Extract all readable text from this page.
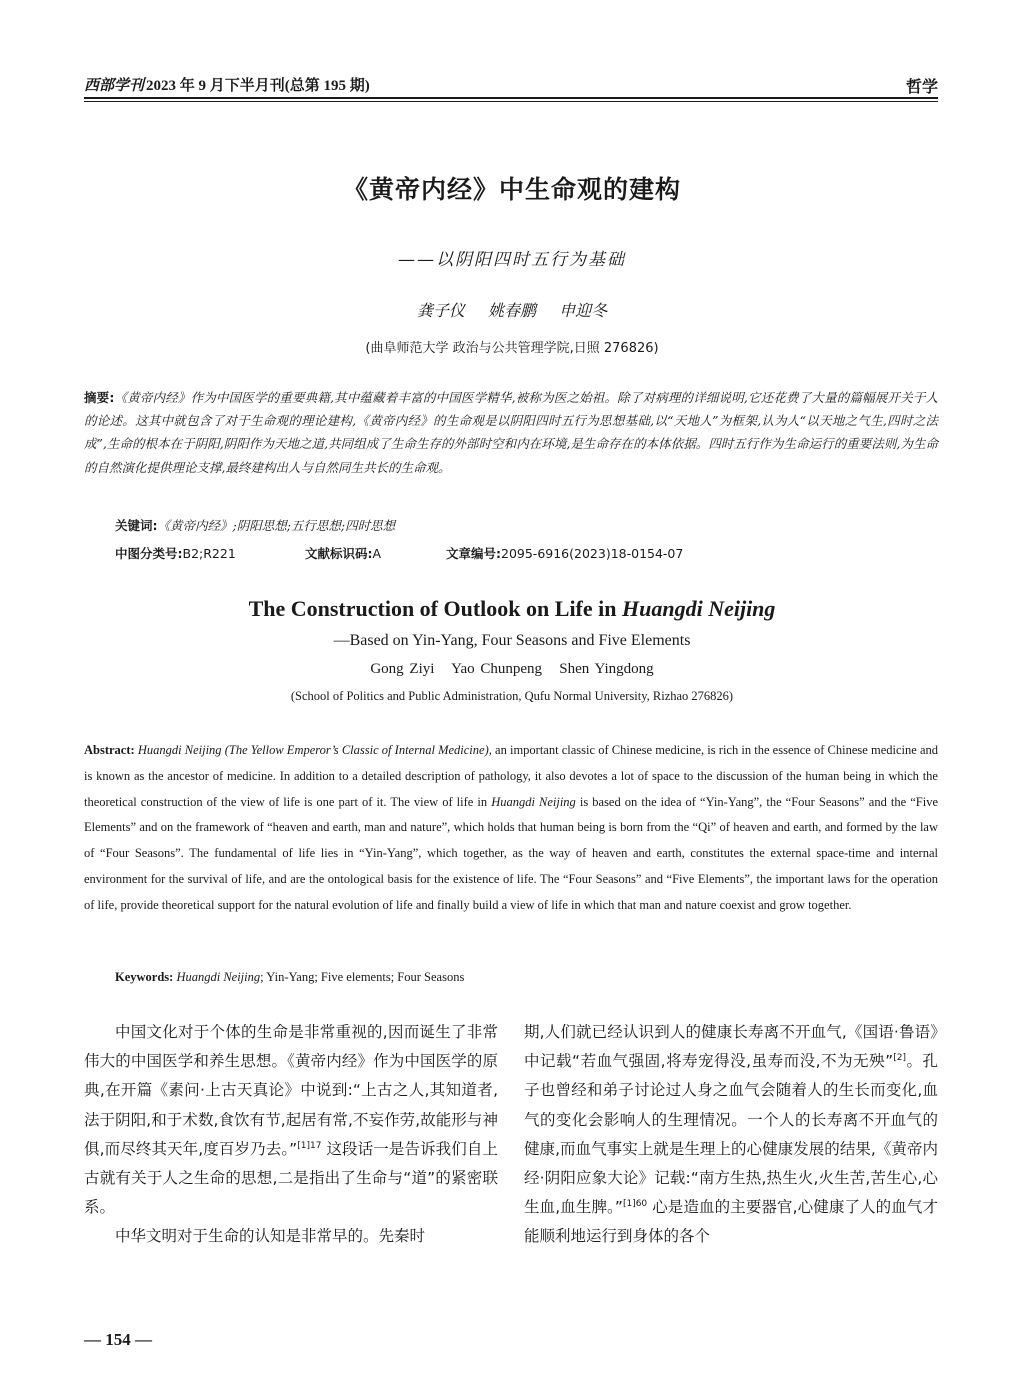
西部学刊 2023 年 9 月下半月刊(总第 195 期)	哲学
《黄帝内经》中生命观的建构
——以阴阳四时五行为基础
龚子仪 姚春鹏 申迎冬
(曲阜师范大学 政治与公共管理学院,日照 276826)
摘要:《黄帝内经》作为中国医学的重要典籍,其中蕴藏着丰富的中国医学精华,被称为医之始祖。除了对病理的详细说明,它还花费了大量的篇幅展开关于人的论述。这其中就包含了对于生命观的理论建构,《黄帝内经》的生命观是以阴阳四时五行为思想基础,以“天地人”为框架,认为人“以天地之气生,四时之法成”,生命的根本在于阴阳,阴阳作为天地之道,共同组成了生命生存的外部时空和内在环境,是生命存在的本体依据。四时五行作为生命运行的重要法则,为生命的自然演化提供理论支撑,最终建构出人与自然同生共长的生命观。
关键词:《黄帝内经》;阴阳思想;五行思想;四时思想
中图分类号:B2;R221	文献标识码:A	文章编号:2095-6916(2023)18-0154-07
The Construction of Outlook on Life in Huangdi Neijing
—Based on Yin-Yang, Four Seasons and Five Elements
Gong Ziyi   Yao Chunpeng   Shen Yingdong
(School of Politics and Public Administration, Qufu Normal University, Rizhao 276826)
Abstract: Huangdi Neijing (The Yellow Emperor’s Classic of Internal Medicine), an important classic of Chinese medicine, is rich in the essence of Chinese medicine and is known as the ancestor of medicine. In addition to a detailed description of pathology, it also devotes a lot of space to the discussion of the human being in which the theoretical construction of the view of life is one part of it. The view of life in Huangdi Neijing is based on the idea of “Yin-Yang”, the “Four Seasons” and the “Five Elements” and on the framework of “heaven and earth, man and nature”, which holds that human being is born from the “Qi” of heaven and earth, and formed by the law of “Four Seasons”. The fundamental of life lies in “Yin-Yang”, which together, as the way of heaven and earth, constitutes the external space-time and internal environment for the survival of life, and are the ontological basis for the existence of life. The “Four Seasons” and “Five Elements”, the important laws for the operation of life, provide theoretical support for the natural evolution of life and finally build a view of life in which that man and nature coexist and grow together.
Keywords: Huangdi Neijing; Yin-Yang; Five elements; Four Seasons

中国文化对于个体的生命是非常重视的,因而诞生了非常伟大的中国医学和养生思想。《黄帝内经》作为中国医学的原典,在开篇《素问·上古天真论》中说到:“上古之人,其知道者,法于阴阳,和于术数,食饮有节,起居有常,不妄作劳,故能形与神俱,而尽终其天年,度百岁乃去。”$^{[1]17}$ 这段话一是告诉我们自上古就有关于人之生命的思想,二是指出了生命与“道”的紧密联系。

中华文明对于生命的认知是非常早的。先秦时

期,人们就已经认识到人的健康长寿离不开血气,《国语·鲁语》中记载“若血气强固,将寿宠得没,虽寿而没,不为无殃”[2]。孔子也曾经和弟子讨论过人身之血气会随着人的生长而变化,血气的变化会影响人的生理情况。一个人的长寿离不开血气的健康,而血气事实上就是生理上的心健康发展的结果,《黄帝内经·阴阳应象大论》记载:“南方生热,热生火,火生苦,苦生心,心生血,血生脾。”$^{[1]60}$ 心是造血的主要器官,心健康了人的血气才能顺利地运行到身体的各个

— 154 —
